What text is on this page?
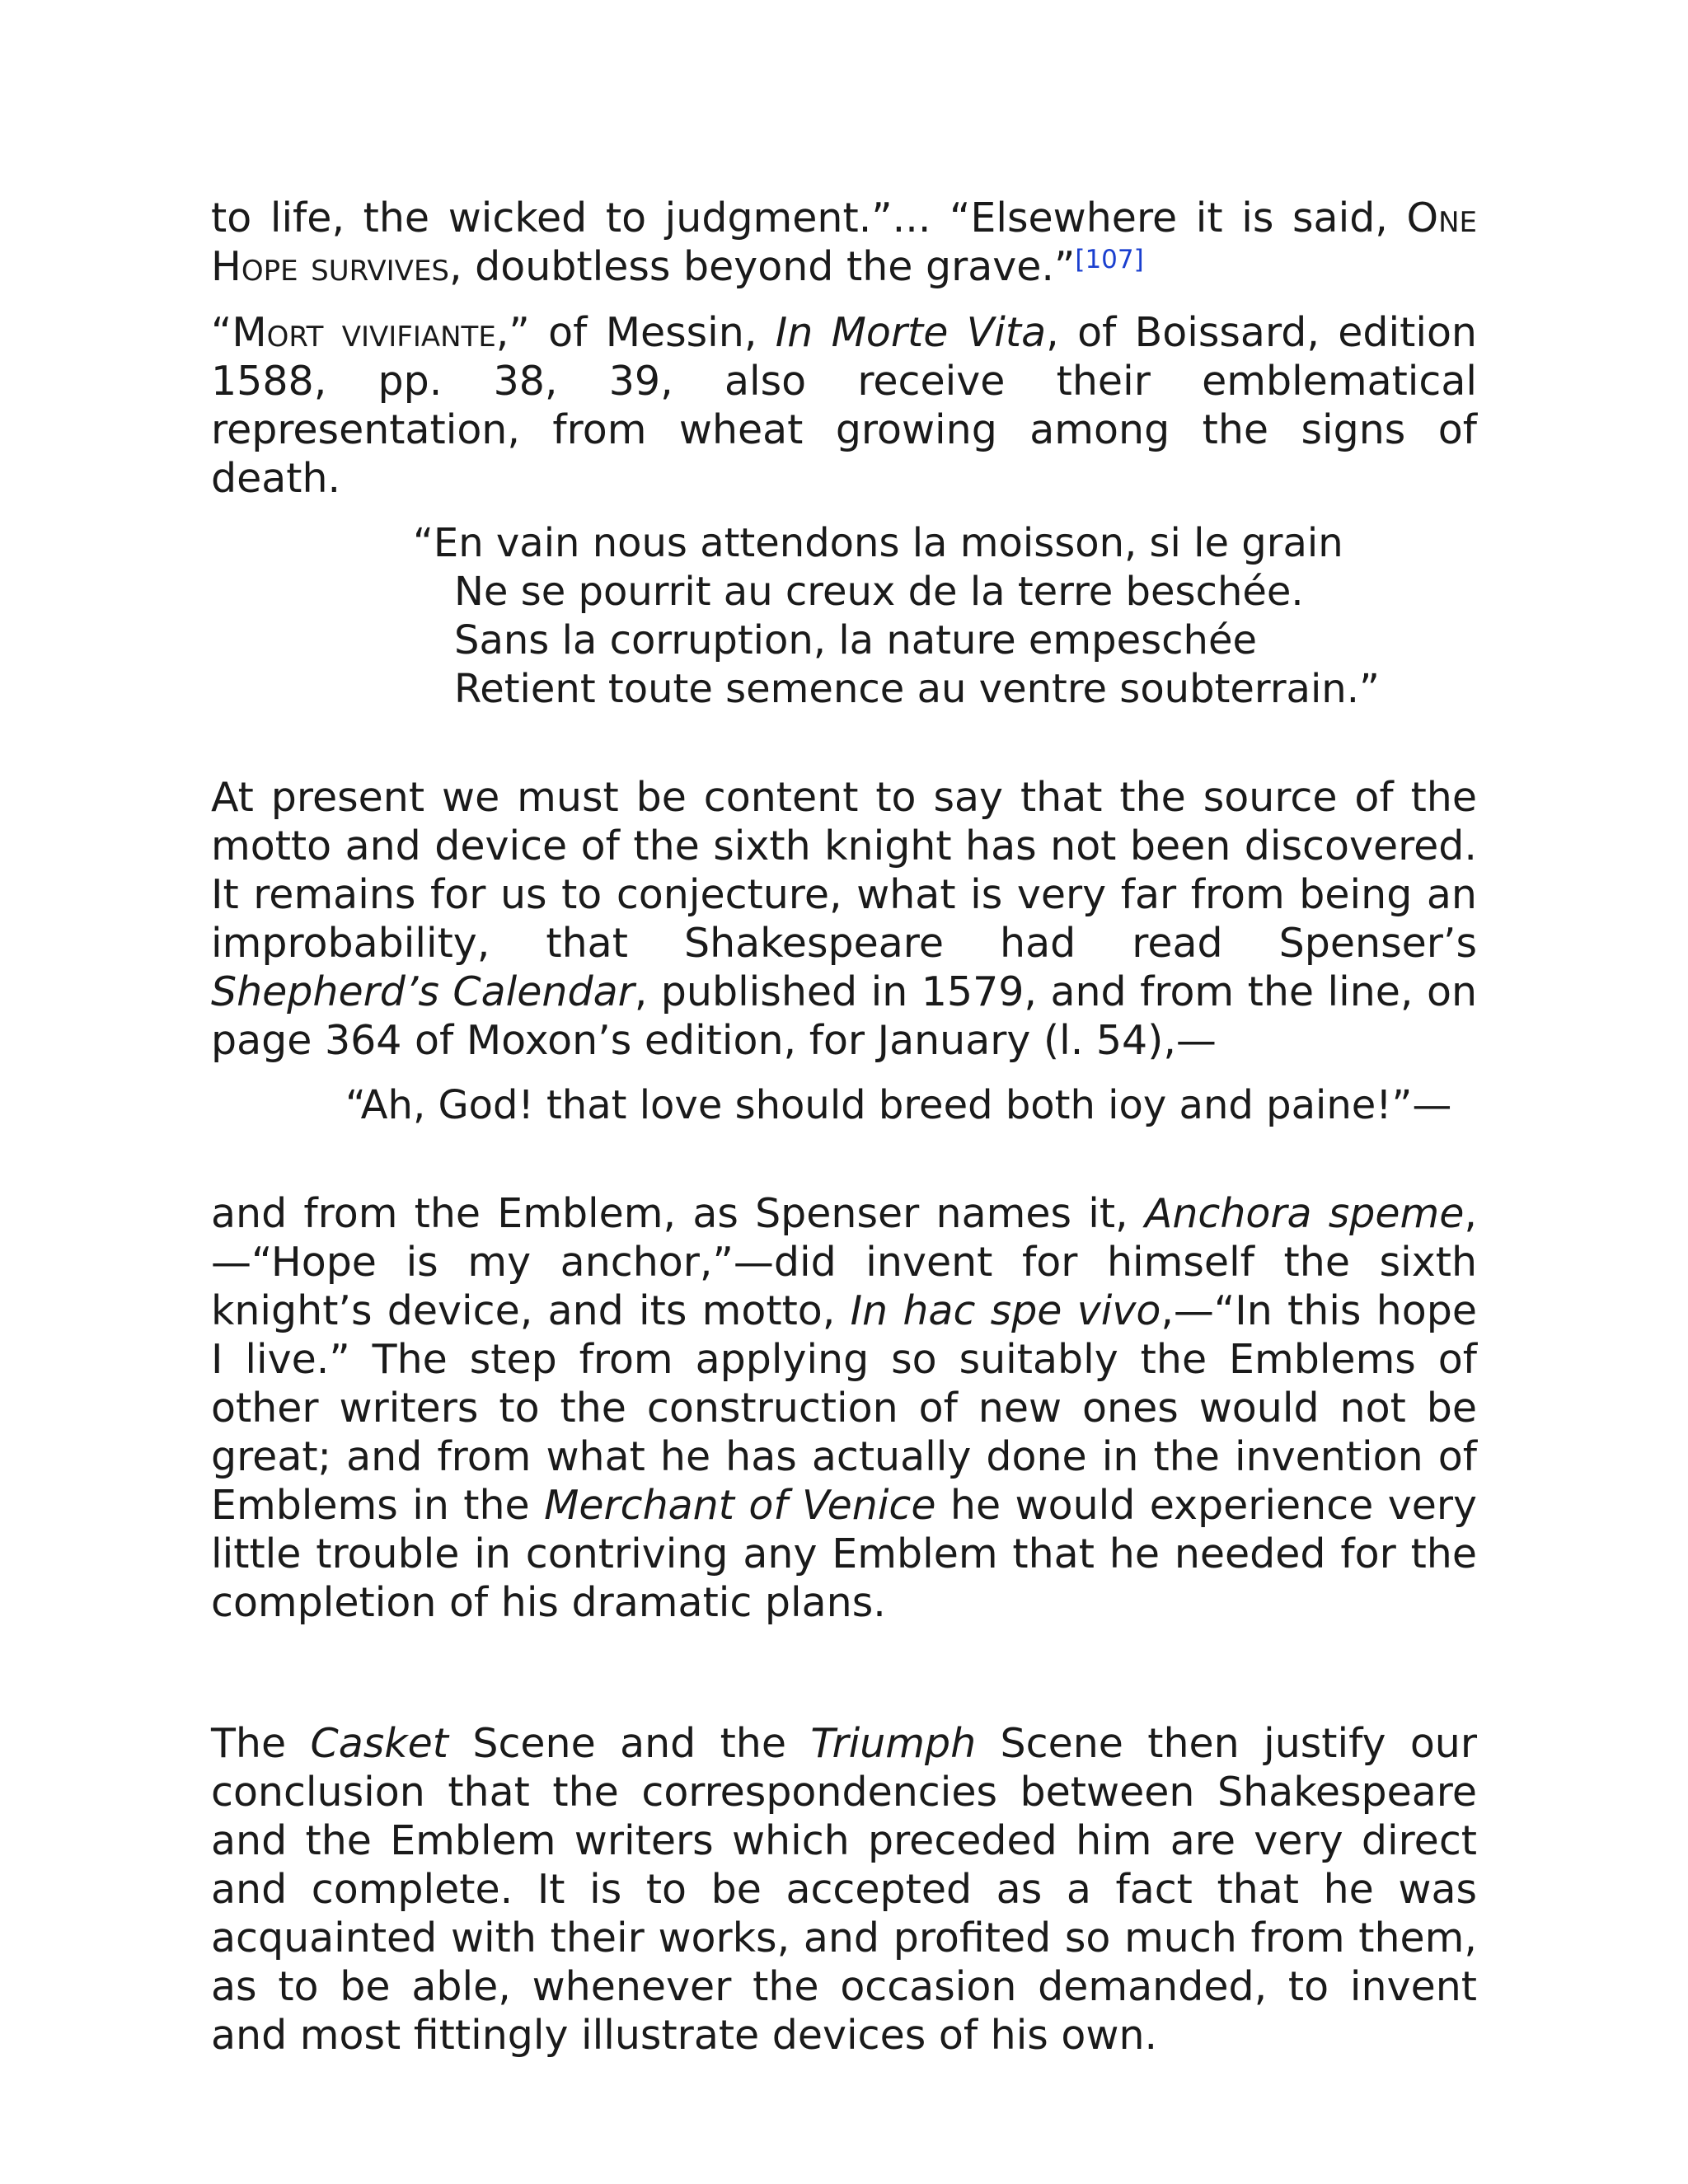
to life, the wicked to judgment.”... “Elsewhere it is said, One Hope survives, doubtless beyond the grave.”[107]

“Mort vivifiante,” of Messin, In Morte Vita, of Boissard, edition 1588, pp. 38, 39, also receive their emblematical representation, from wheat growing among the signs of death.

“En vain nous attendons la moisson, si le grain
Ne se pourrit au creux de la terre beschée.
Sans la corruption, la nature empeschée
Retient toute semence au ventre soubterrain.”

At present we must be content to say that the source of the motto and device of the sixth knight has not been discovered. It remains for us to conjecture, what is very far from being an improbability, that Shakespeare had read Spenser’s Shepherd’s Calendar, published in 1579, and from the line, on page 364 of Moxon’s edition, for January (l. 54),—

“Ah, God! that love should breed both ioy and paine!”—

and from the Emblem, as Spenser names it, Anchora speme,—“Hope is my anchor,”—did invent for himself the sixth knight’s device, and its motto, In hac spe vivo,—“In this hope I live.” The step from applying so suitably the Emblems of other writers to the construction of new ones would not be great; and from what he has actually done in the invention of Emblems in the Merchant of Venice he would experience very little trouble in contriving any Emblem that he needed for the completion of his dramatic plans.

The Casket Scene and the Triumph Scene then justify our conclusion that the correspondencies between Shakespeare and the Emblem writers which preceded him are very direct and complete. It is to be accepted as a fact that he was acquainted with their works, and profited so much from them, as to be able, whenever the occasion demanded, to invent and most fittingly illustrate devices of his own.
